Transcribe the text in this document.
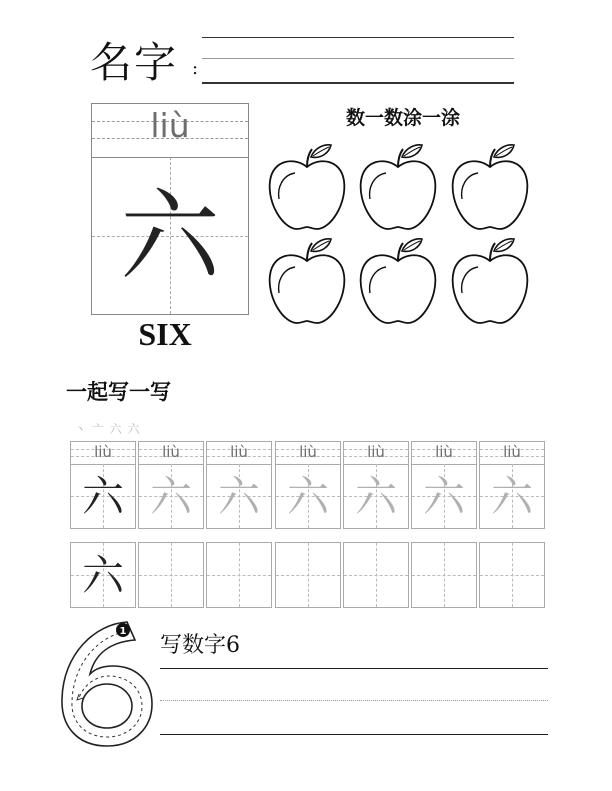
名字 :
liù
六
SIX
数一数涂一涂
一起写一写
丶 亠 六 六
liù
六
liù
六
liù
六
liù
六
liù
六
liù
六
liù
六
六
1
写数字6
